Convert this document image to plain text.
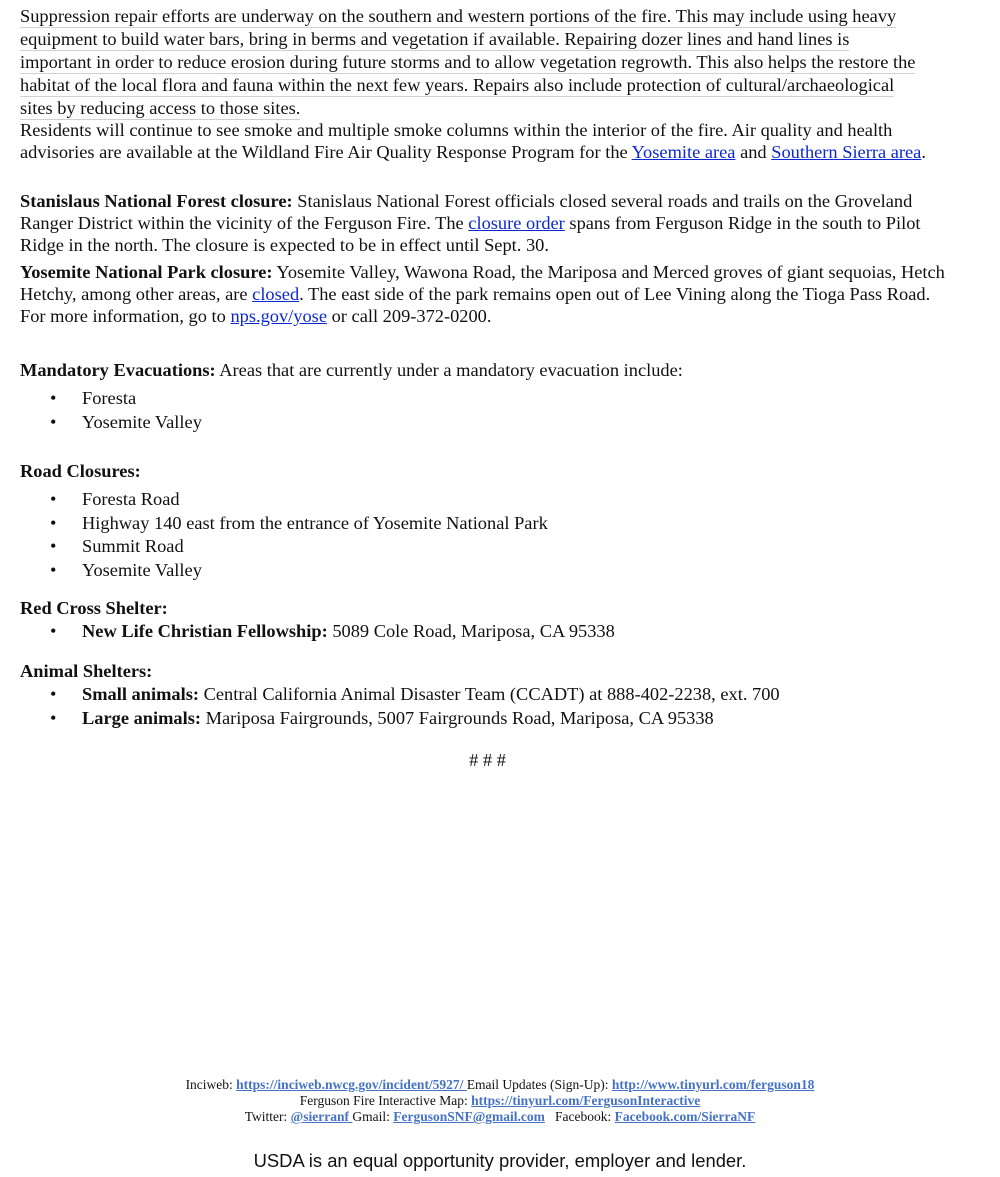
Suppression repair efforts are underway on the southern and western portions of the fire. This may include using heavy
equipment to build water bars, bring in berms and vegetation if available. Repairing dozer lines and hand lines is
important in order to reduce erosion during future storms and to allow vegetation regrowth. This also helps the restore the
habitat of the local flora and fauna within the next few years. Repairs also include protection of cultural/archaeological
sites by reducing access to those sites.

Residents will continue to see smoke and multiple smoke columns within the interior of the fire. Air quality and health advisories are available at the Wildland Fire Air Quality Response Program for the Yosemite area and Southern Sierra area.

Stanislaus National Forest closure: Stanislaus National Forest officials closed several roads and trails on the Groveland Ranger District within the vicinity of the Ferguson Fire. The closure order spans from Ferguson Ridge in the south to Pilot Ridge in the north. The closure is expected to be in effect until Sept. 30.

Yosemite National Park closure: Yosemite Valley, Wawona Road, the Mariposa and Merced groves of giant sequoias, Hetch Hetchy, among other areas, are closed. The east side of the park remains open out of Lee Vining along the Tioga Pass Road. For more information, go to nps.gov/yose or call 209-372-0200.

Mandatory Evacuations: Areas that are currently under a mandatory evacuation include:
• Foresta
• Yosemite Valley
Road Closures:
• Foresta Road
• Highway 140 east from the entrance of Yosemite National Park
• Summit Road
• Yosemite Valley
Red Cross Shelter:
• New Life Christian Fellowship: 5089 Cole Road, Mariposa, CA 95338
Animal Shelters:
• Small animals: Central California Animal Disaster Team (CCADT) at 888-402-2238, ext. 700
• Large animals: Mariposa Fairgrounds, 5007 Fairgrounds Road, Mariposa, CA 95338
# # #
Inciweb: https://inciweb.nwcg.gov/incident/5927/ Email Updates (Sign-Up): http://www.tinyurl.com/ferguson18
Ferguson Fire Interactive Map: https://tinyurl.com/FergusonInteractive
Twitter: @sierranf Gmail: FergusonSNF@gmail.com   Facebook: Facebook.com/SierraNF
USDA is an equal opportunity provider, employer and lender.
